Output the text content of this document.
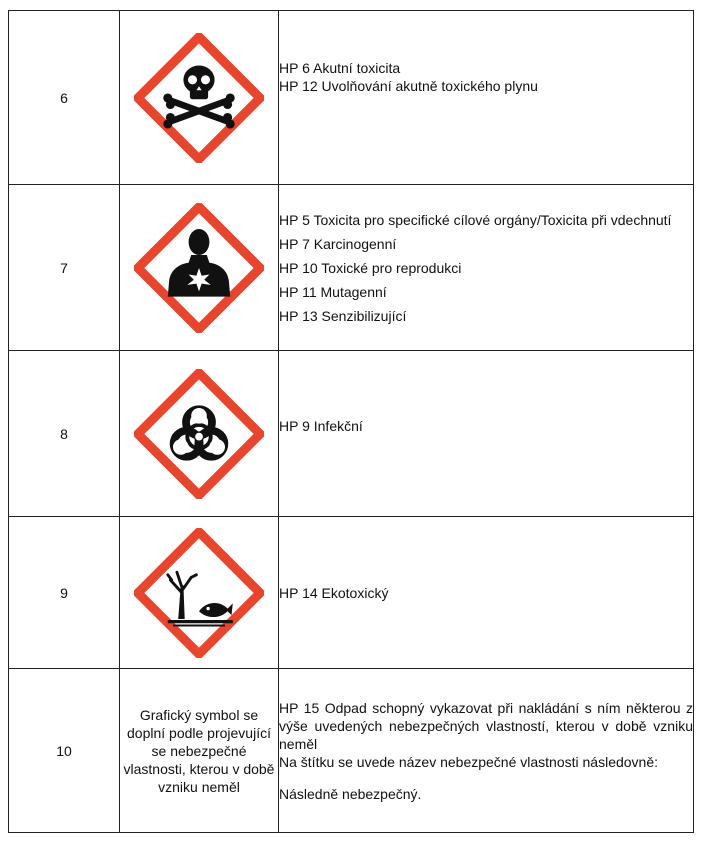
6		HP 6 Akutní toxicita
HP 12 Uvolňování akutně toxického plynu

7		HP 5 Toxicita pro specifické cílové orgány/Toxicita při vdechnutí
HP 7 Karcinogenní
HP 10 Toxické pro reprodukci
HP 11 Mutagenní
HP 13 Senzibilizující

8		HP 9 Infekční

9		HP 14 Ekotoxický

10	Grafický symbol se doplní podle projevující se nebezpečné vlastnosti, kterou v době vzniku neměl	HP 15 Odpad schopný vykazovat při nakládání s ním některou z výše uvedených nebezpečných vlastností, kterou v době vzniku neměl
Na štítku se uvede název nebezpečné vlastnosti následovně:
Následně nebezpečný.
